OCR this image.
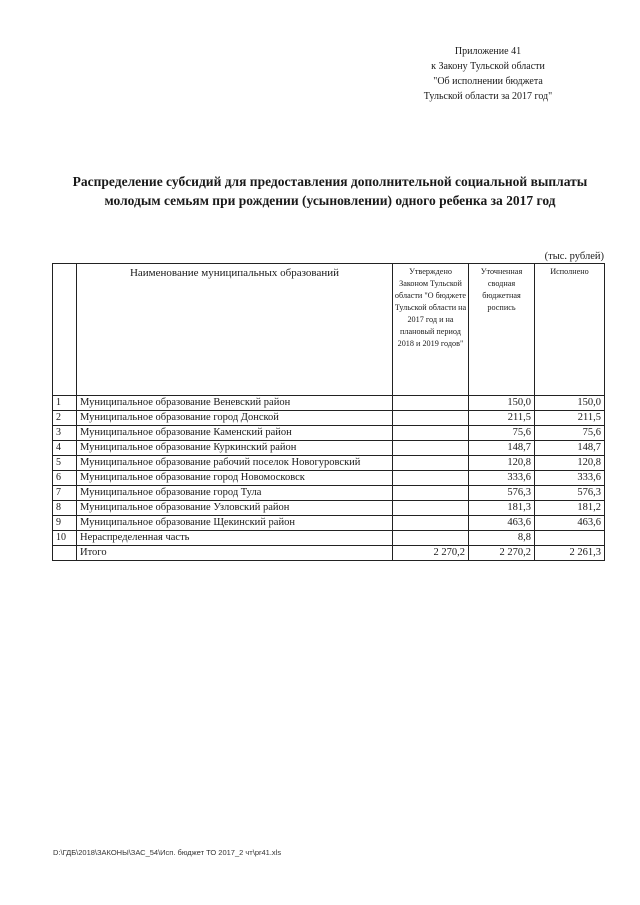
Приложение 41
к Закону Тульской области
"Об исполнении бюджета
Тульской области за 2017 год"
Распределение субсидий для предоставления дополнительной социальной выплаты
молодым семьям при рождении (усыновлении) одного ребенка за 2017 год
(тыс. рублей)
	Наименование муниципальных образований	Утверждено Законом Тульской области "О бюджете Тульской области на 2017 год и на плановый период 2018 и 2019 годов"	Уточненная сводная бюджетная роспись	Исполнено
1	Муниципальное образование Веневский район		150,0	150,0
2	Муниципальное образование город Донской		211,5	211,5
3	Муниципальное образование Каменский район		75,6	75,6
4	Муниципальное образование Куркинский район		148,7	148,7
5	Муниципальное образование рабочий поселок Новогуровский		120,8	120,8
6	Муниципальное образование город Новомосковск		333,6	333,6
7	Муниципальное образование город Тула		576,3	576,3
8	Муниципальное образование Узловский район		181,3	181,2
9	Муниципальное образование Щекинский район		463,6	463,6
10	Нераспределенная часть		8,8	
	Итого	2 270,2	2 270,2	2 261,3
D:\ГДБ\2018\ЗАКОНЫ\ЗАС_54\Исп. бюджет ТО 2017_2 чт\pr41.xls
